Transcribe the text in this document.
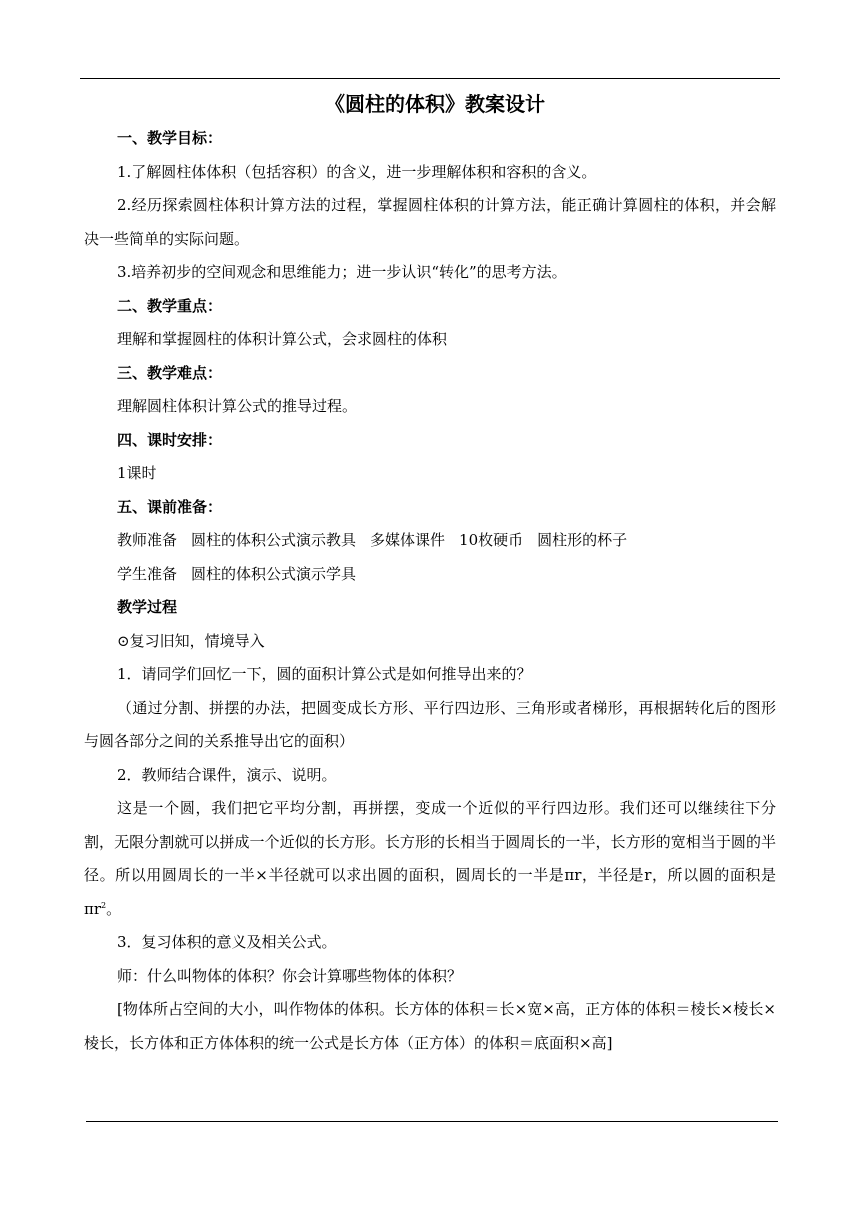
《圆柱的体积》教案设计

一、教学目标：

1.了解圆柱体体积（包括容积）的含义，进一步理解体积和容积的含义。

2.经历探索圆柱体积计算方法的过程，掌握圆柱体积的计算方法，能正确计算圆柱的体积，并会解决一些简单的实际问题。

3.培养初步的空间观念和思维能力；进一步认识“转化”的思考方法。

二、教学重点：

理解和掌握圆柱的体积计算公式，会求圆柱的体积

三、教学难点：

理解圆柱体积计算公式的推导过程。

四、课时安排：

1课时

五、课前准备：

教师准备 圆柱的体积公式演示教具 多媒体课件 10枚硬币 圆柱形的杯子

学生准备 圆柱的体积公式演示学具

教学过程

⊙复习旧知，情境导入

1．请同学们回忆一下，圆的面积计算公式是如何推导出来的？

（通过分割、拼摆的办法，把圆变成长方形、平行四边形、三角形或者梯形，再根据转化后的图形与圆各部分之间的关系推导出它的面积）

2．教师结合课件，演示、说明。

这是一个圆，我们把它平均分割，再拼摆，变成一个近似的平行四边形。我们还可以继续往下分割，无限分割就可以拼成一个近似的长方形。长方形的长相当于圆周长的一半，长方形的宽相当于圆的半径。所以用圆周长的一半×半径就可以求出圆的面积，圆周长的一半是πr，半径是r，所以圆的面积是$\pi r^2$。

3．复习体积的意义及相关公式。

师：什么叫物体的体积？你会计算哪些物体的体积？

[物体所占空间的大小，叫作物体的体积。长方体的体积＝长×宽×高，正方体的体积＝棱长×棱长×棱长，长方体和正方体体积的统一公式是长方体（正方体）的体积＝底面积×高]
